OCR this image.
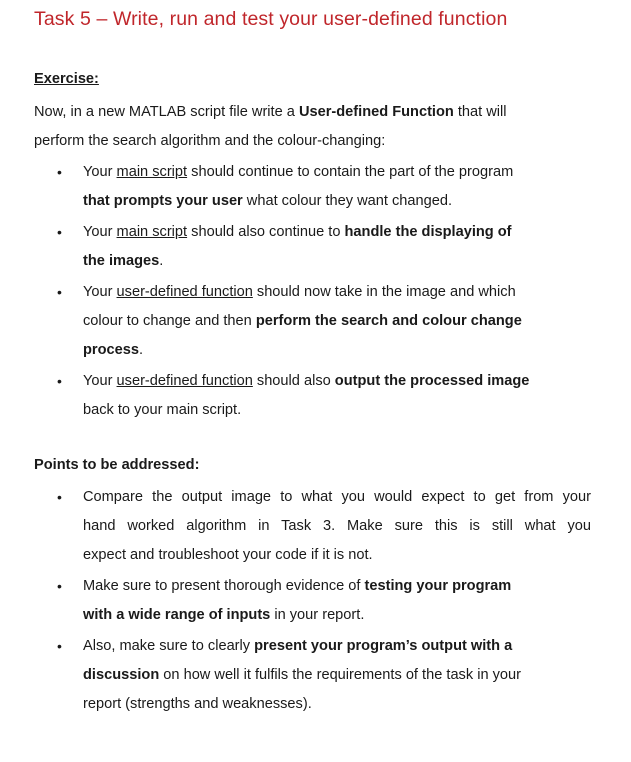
Task 5 – Write, run and test your user-defined function
Exercise:
Now, in a new MATLAB script file write a User-defined Function that will
perform the search algorithm and the colour-changing:
• Your main script should continue to contain the part of the program
that prompts your user what colour they want changed.
• Your main script should also continue to handle the displaying of
the images.
• Your user-defined function should now take in the image and which
colour to change and then perform the search and colour change
process.
• Your user-defined function should also output the processed image
back to your main script.
Points to be addressed:
• Compare the output image to what you would expect to get from your
hand worked algorithm in Task 3. Make sure this is still what you
expect and troubleshoot your code if it is not.
• Make sure to present thorough evidence of testing your program
with a wide range of inputs in your report.
• Also, make sure to clearly present your program’s output with a
discussion on how well it fulfils the requirements of the task in your
report (strengths and weaknesses).
